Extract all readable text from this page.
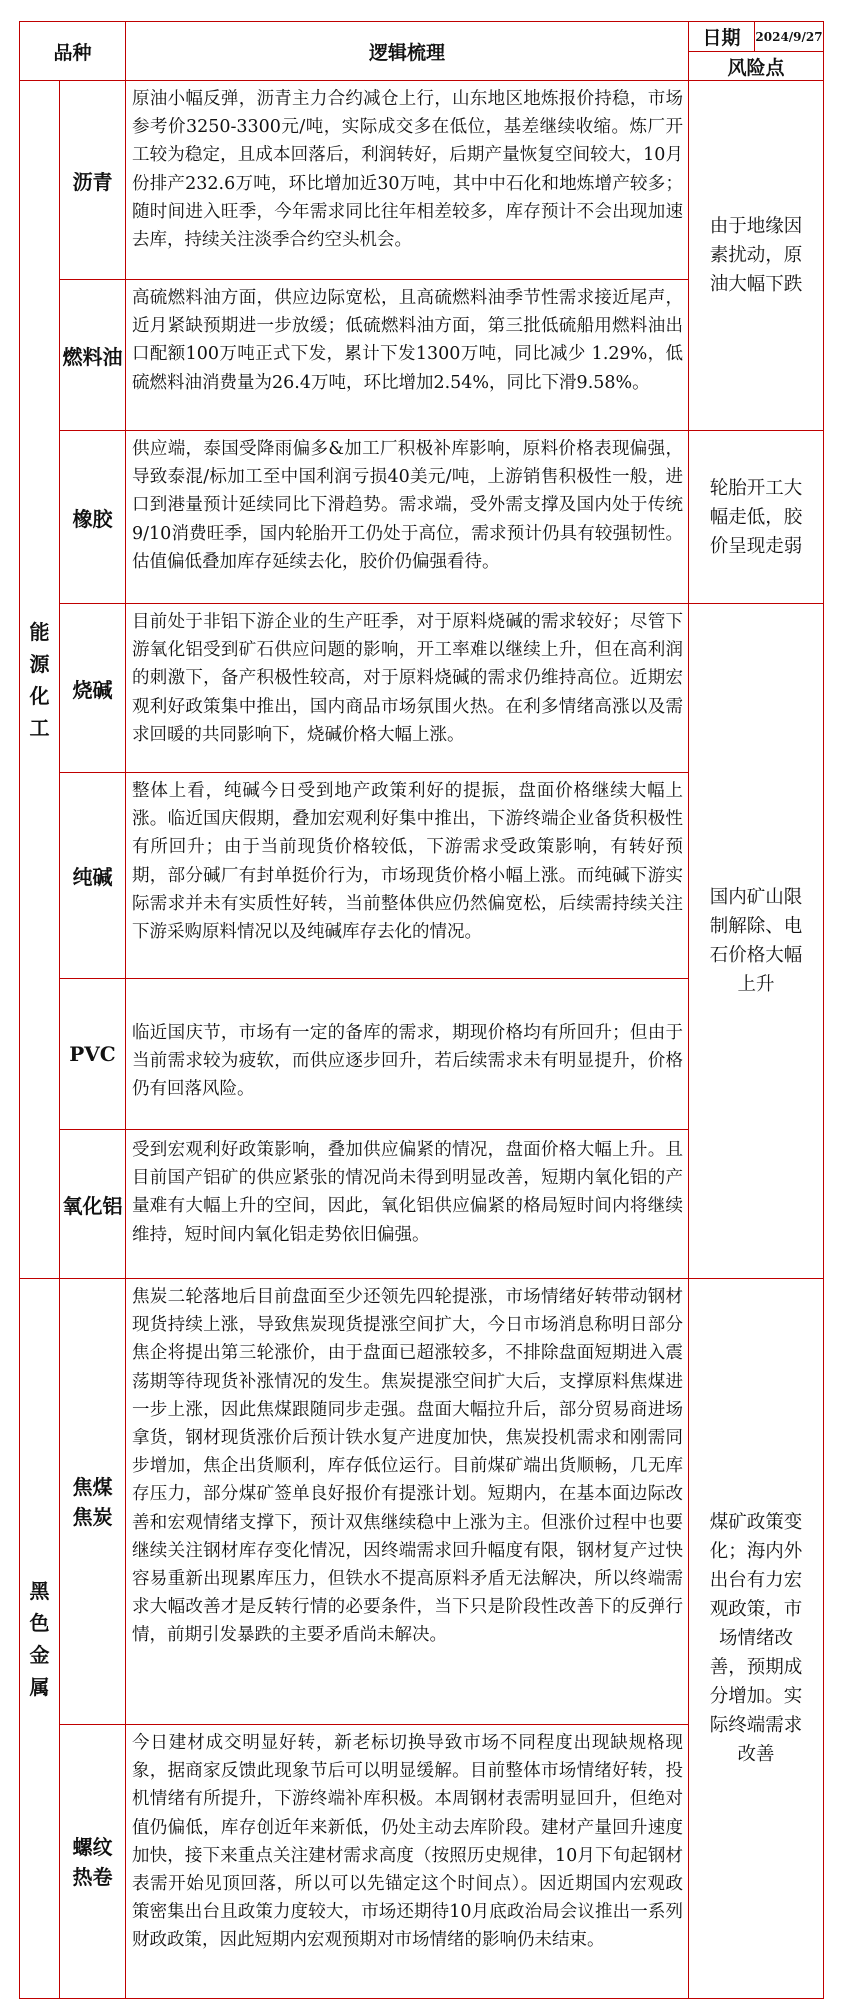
品种	逻辑梳理
日期 2024/9/27
风险点
能
源
化
工
沥青
原油小幅反弹，沥青主力合约减仓上行，山东地区地炼报价持稳，市场参考价3250-3300元/吨，实际成交多在低位，基差继续收缩。炼厂开工较为稳定，且成本回落后，利润转好，后期产量恢复空间较大，10月份排产232.6万吨，环比增加近30万吨，其中中石化和地炼增产较多；随时间进入旺季，今年需求同比往年相差较多，库存预计不会出现加速去库，持续关注淡季合约空头机会。
燃料油
高硫燃料油方面，供应边际宽松，且高硫燃料油季节性需求接近尾声，近月紧缺预期进一步放缓；低硫燃料油方面，第三批低硫船用燃料油出口配额100万吨正式下发，累计下发1300万吨，同比减少 1.29%，低硫燃料油消费量为26.4万吨，环比增加2.54%，同比下滑9.58%。
由于地缘因素扰动，原油大幅下跌
橡胶
供应端，泰国受降雨偏多&加工厂积极补库影响，原料价格表现偏强，导致泰混/标加工至中国利润亏损40美元/吨，上游销售积极性一般，进口到港量预计延续同比下滑趋势。需求端，受外需支撑及国内处于传统9/10消费旺季，国内轮胎开工仍处于高位，需求预计仍具有较强韧性。估值偏低叠加库存延续去化，胶价仍偏强看待。
轮胎开工大幅走低，胶价呈现走弱
烧碱
目前处于非铝下游企业的生产旺季，对于原料烧碱的需求较好；尽管下游氧化铝受到矿石供应问题的影响，开工率难以继续上升，但在高利润的刺激下，备产积极性较高，对于原料烧碱的需求仍维持高位。近期宏观利好政策集中推出，国内商品市场氛围火热。在利多情绪高涨以及需求回暖的共同影响下，烧碱价格大幅上涨。
纯碱
整体上看，纯碱今日受到地产政策利好的提振，盘面价格继续大幅上涨。临近国庆假期，叠加宏观利好集中推出，下游终端企业备货积极性有所回升；由于当前现货价格较低，下游需求受政策影响，有转好预期，部分碱厂有封单挺价行为，市场现货价格小幅上涨。而纯碱下游实际需求并未有实质性好转，当前整体供应仍然偏宽松，后续需持续关注下游采购原料情况以及纯碱库存去化的情况。
PVC
临近国庆节，市场有一定的备库的需求，期现价格均有所回升；但由于当前需求较为疲软，而供应逐步回升，若后续需求未有明显提升，价格仍有回落风险。
氧化铝
受到宏观利好政策影响，叠加供应偏紧的情况，盘面价格大幅上升。且目前国产铝矿的供应紧张的情况尚未得到明显改善，短期内氧化铝的产量难有大幅上升的空间，因此，氧化铝供应偏紧的格局短时间内将继续维持，短时间内氧化铝走势依旧偏强。
国内矿山限制解除、电石价格大幅上升
黑
色
金
属
焦煤
焦炭
焦炭二轮落地后目前盘面至少还领先四轮提涨，市场情绪好转带动钢材现货持续上涨，导致焦炭现货提涨空间扩大，今日市场消息称明日部分焦企将提出第三轮涨价，由于盘面已超涨较多，不排除盘面短期进入震荡期等待现货补涨情况的发生。焦炭提涨空间扩大后，支撑原料焦煤进一步上涨，因此焦煤跟随同步走强。盘面大幅拉升后，部分贸易商进场拿货，钢材现货涨价后预计铁水复产进度加快，焦炭投机需求和刚需同步增加，焦企出货顺利，库存低位运行。目前煤矿端出货顺畅，几无库存压力，部分煤矿签单良好报价有提涨计划。短期内，在基本面边际改善和宏观情绪支撑下，预计双焦继续稳中上涨为主。但涨价过程中也要继续关注钢材库存变化情况，因终端需求回升幅度有限，钢材复产过快容易重新出现累库压力，但铁水不提高原料矛盾无法解决，所以终端需求大幅改善才是反转行情的必要条件，当下只是阶段性改善下的反弹行情，前期引发暴跌的主要矛盾尚未解决。
螺纹
热卷
今日建材成交明显好转，新老标切换导致市场不同程度出现缺规格现象，据商家反馈此现象节后可以明显缓解。目前整体市场情绪好转，投机情绪有所提升，下游终端补库积极。本周钢材表需明显回升，但绝对值仍偏低，库存创近年来新低，仍处主动去库阶段。建材产量回升速度加快，接下来重点关注建材需求高度（按照历史规律，10月下旬起钢材表需开始见顶回落，所以可以先锚定这个时间点）。因近期国内宏观政策密集出台且政策力度较大，市场还期待10月底政治局会议推出一系列财政政策，因此短期内宏观预期对市场情绪的影响仍未结束。
煤矿政策变化；海内外出台有力宏观政策，市场情绪改善，预期成分增加。实际终端需求改善
